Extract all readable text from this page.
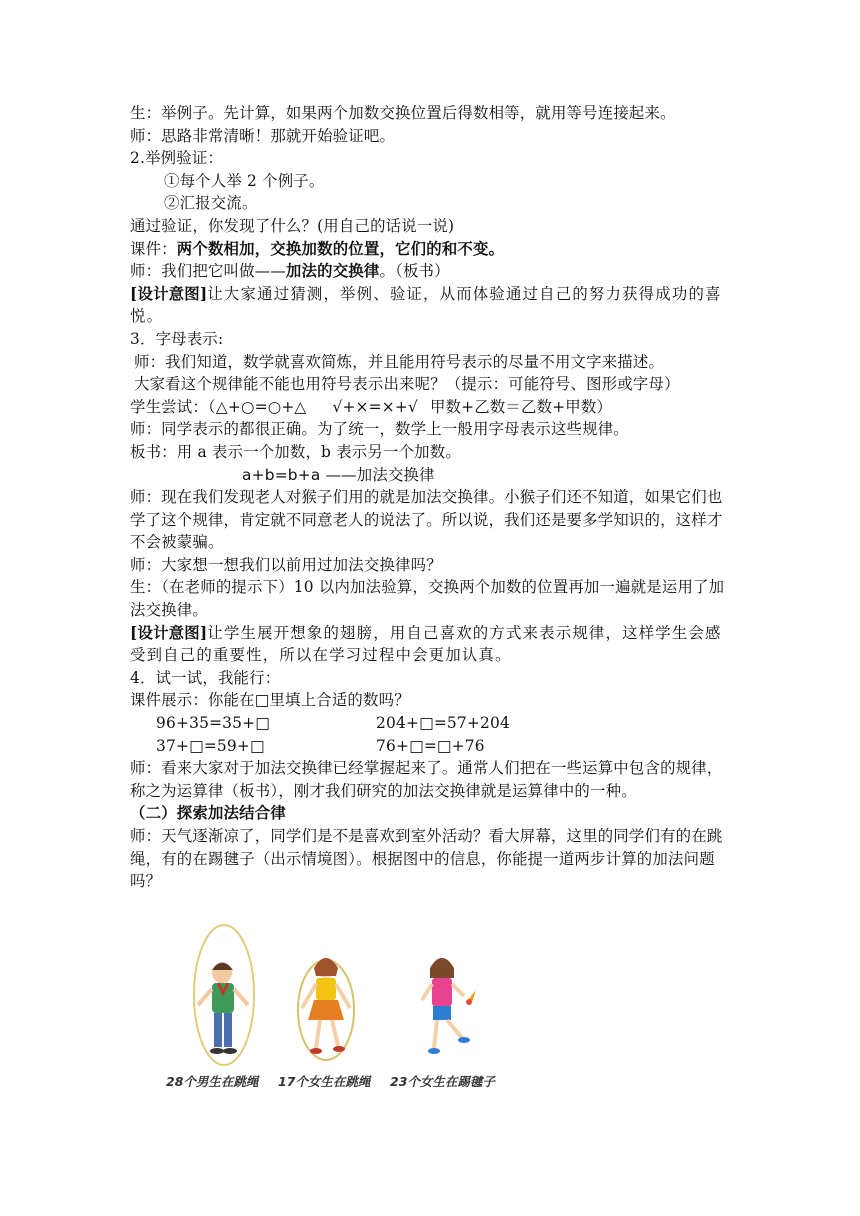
生：举例子。先计算，如果两个加数交换位置后得数相等，就用等号连接起来。
师：思路非常清晰！那就开始验证吧。
2.举例验证：
①每个人举 2 个例子。
②汇报交流。
通过验证，你发现了什么？(用自己的话说一说)
课件：两个数相加，交换加数的位置，它们的和不变。
师：我们把它叫做——加法的交换律。（板书）
[设计意图]让大家通过猜测，举例、验证，从而体验通过自己的努力获得成功的喜悦。
3．字母表示:
师：我们知道，数学就喜欢简炼，并且能用符号表示的尽量不用文字来描述。
大家看这个规律能不能也用符号表示出来呢？（提示：可能符号、图形或字母）
学生尝试：（△+○=○+△ √+×=×+√ 甲数+乙数＝乙数+甲数）
师：同学表示的都很正确。为了统一，数学上一般用字母表示这些规律。
板书：用 a 表示一个加数，b 表示另一个加数。
a+b=b+a ——加法交换律
师：现在我们发现老人对猴子们用的就是加法交换律。小猴子们还不知道，如果它们也学了这个规律，肯定就不同意老人的说法了。所以说，我们还是要多学知识的，这样才不会被蒙骗。
师：大家想一想我们以前用过加法交换律吗？
生：（在老师的提示下）10 以内加法验算，交换两个加数的位置再加一遍就是运用了加法交换律。
[设计意图]让学生展开想象的翅膀，用自己喜欢的方式来表示规律，这样学生会感受到自己的重要性，所以在学习过程中会更加认真。
4．试一试，我能行：
课件展示：你能在□里填上合适的数吗？
96+35=35+□	204+□=57+204
37+□=59+□	76+□=□+76
师：看来大家对于加法交换律已经掌握起来了。通常人们把在一些运算中包含的规律，称之为运算律（板书），刚才我们研究的加法交换律就是运算律中的一种。
（二）探索加法结合律
师：天气逐渐凉了，同学们是不是喜欢到室外活动？看大屏幕，这里的同学们有的在跳绳，有的在踢毽子（出示情境图）。根据图中的信息，你能提一道两步计算的加法问题吗？
28个男生在跳绳 17个女生在跳绳 23个女生在踢毽子
